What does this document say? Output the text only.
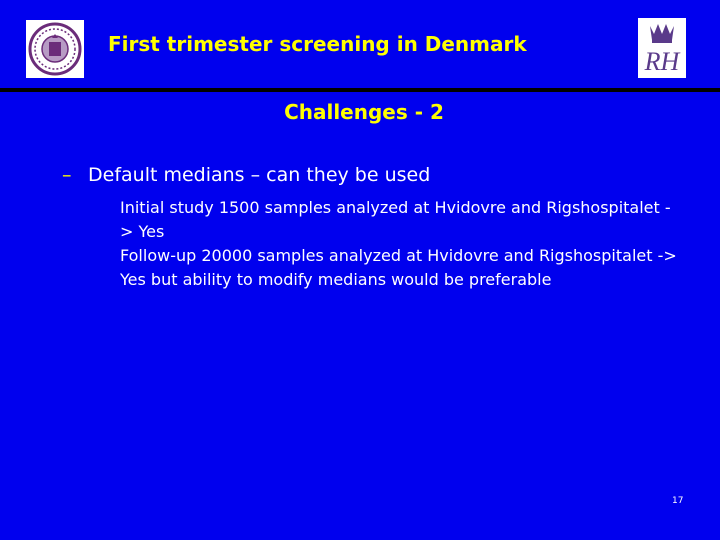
RH
First trimester screening in Denmark
Challenges - 2
– Default medians – can they be used

Initial study 1500 samples analyzed at Hvidovre and Rigshospitalet -> Yes

Follow-up 20000 samples analyzed at Hvidovre and Rigshospitalet -> Yes but ability to modify medians would be preferable

17
